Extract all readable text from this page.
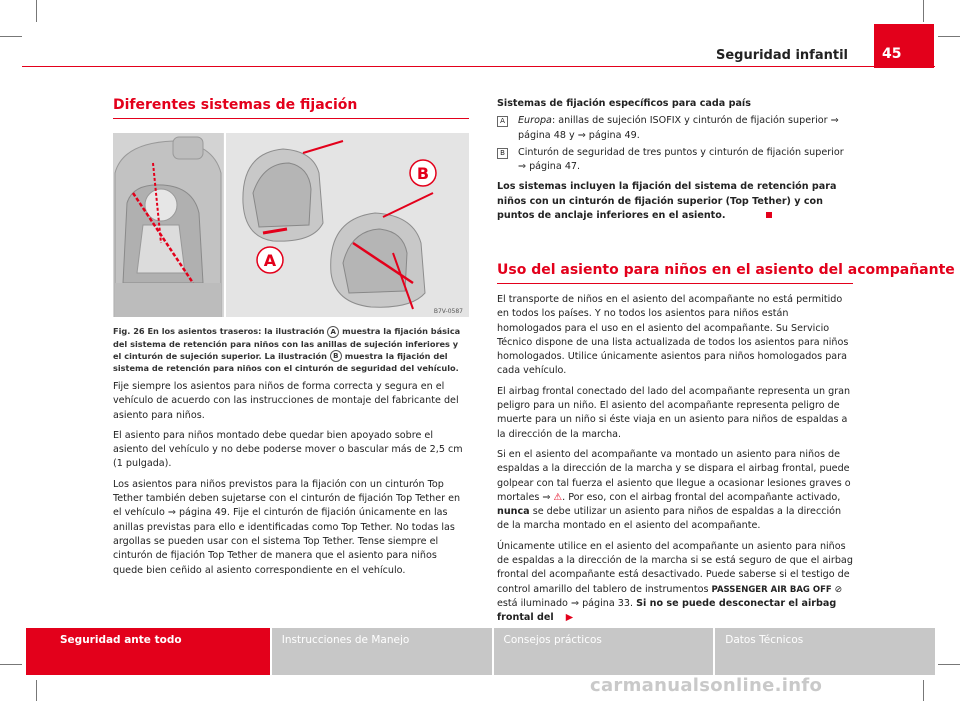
Seguridad infantil	45
Diferentes sistemas de fijación
B
A
B7V-0587
Fig. 26 En los asientos traseros: la ilustración A muestra la fijación básica del sistema de retención para niños con las anillas de sujeción inferiores y el cinturón de sujeción superior. La ilustración B muestra la fijación del sistema de retención para niños con el cinturón de seguridad del vehículo.

Fije siempre los asientos para niños de forma correcta y segura en el vehículo de acuerdo con las instrucciones de montaje del fabricante del asiento para niños.

El asiento para niños montado debe quedar bien apoyado sobre el asiento del vehículo y no debe poderse mover o bascular más de 2,5 cm (1 pulgada).

Los asientos para niños previstos para la fijación con un cinturón Top Tether también deben sujetarse con el cinturón de fijación Top Tether en el vehículo ⇒ página 49. Fije el cinturón de fijación únicamente en las anillas previstas para ello e identificadas como Top Tether. No todas las argollas se pueden usar con el sistema Top Tether. Tense siempre el cinturón de fijación Top Tether de manera que el asiento para niños quede bien ceñido al asiento correspondiente en el vehículo.

Sistemas de fijación específicos para cada país

A	Europa: anillas de sujeción ISOFIX y cinturón de fijación superior ⇒ página 48 y ⇒ página 49.
B	Cinturón de seguridad de tres puntos y cinturón de fijación superior ⇒ página 47.

Los sistemas incluyen la fijación del sistema de retención para niños con un cinturón de fijación superior (Top Tether) y con puntos de anclaje inferiores en el asiento.

Uso del asiento para niños en el asiento del acompañante

El transporte de niños en el asiento del acompañante no está permitido en todos los países. Y no todos los asientos para niños están homologados para el uso en el asiento del acompañante. Su Servicio Técnico dispone de una lista actualizada de todos los asientos para niños homologados. Utilice únicamente asientos para niños homologados para cada vehículo.

El airbag frontal conectado del lado del acompañante representa un gran peligro para un niño. El asiento del acompañante representa peligro de muerte para un niño si éste viaja en un asiento para niños de espaldas a la dirección de la marcha.

Si en el asiento del acompañante va montado un asiento para niños de espaldas a la dirección de la marcha y se dispara el airbag frontal, puede golpear con tal fuerza el asiento que llegue a ocasionar lesiones graves o mortales ⇒ ⚠. Por eso, con el airbag frontal del acompañante activado, nunca se debe utilizar un asiento para niños de espaldas a la dirección de la marcha montado en el asiento del acompañante.

Únicamente utilice en el asiento del acompañante un asiento para niños de espaldas a la dirección de la marcha si se está seguro de que el airbag frontal del acompañante está desactivado. Puede saberse si el testigo de control amarillo del tablero de instrumentos PASSENGER AIR BAG OFF ⊘ está iluminado ⇒ página 33. Si no se puede desconectar el airbag frontal del ▶

Seguridad ante todo	Instrucciones de Manejo	Consejos prácticos	Datos Técnicos
carmanualsonline.info
